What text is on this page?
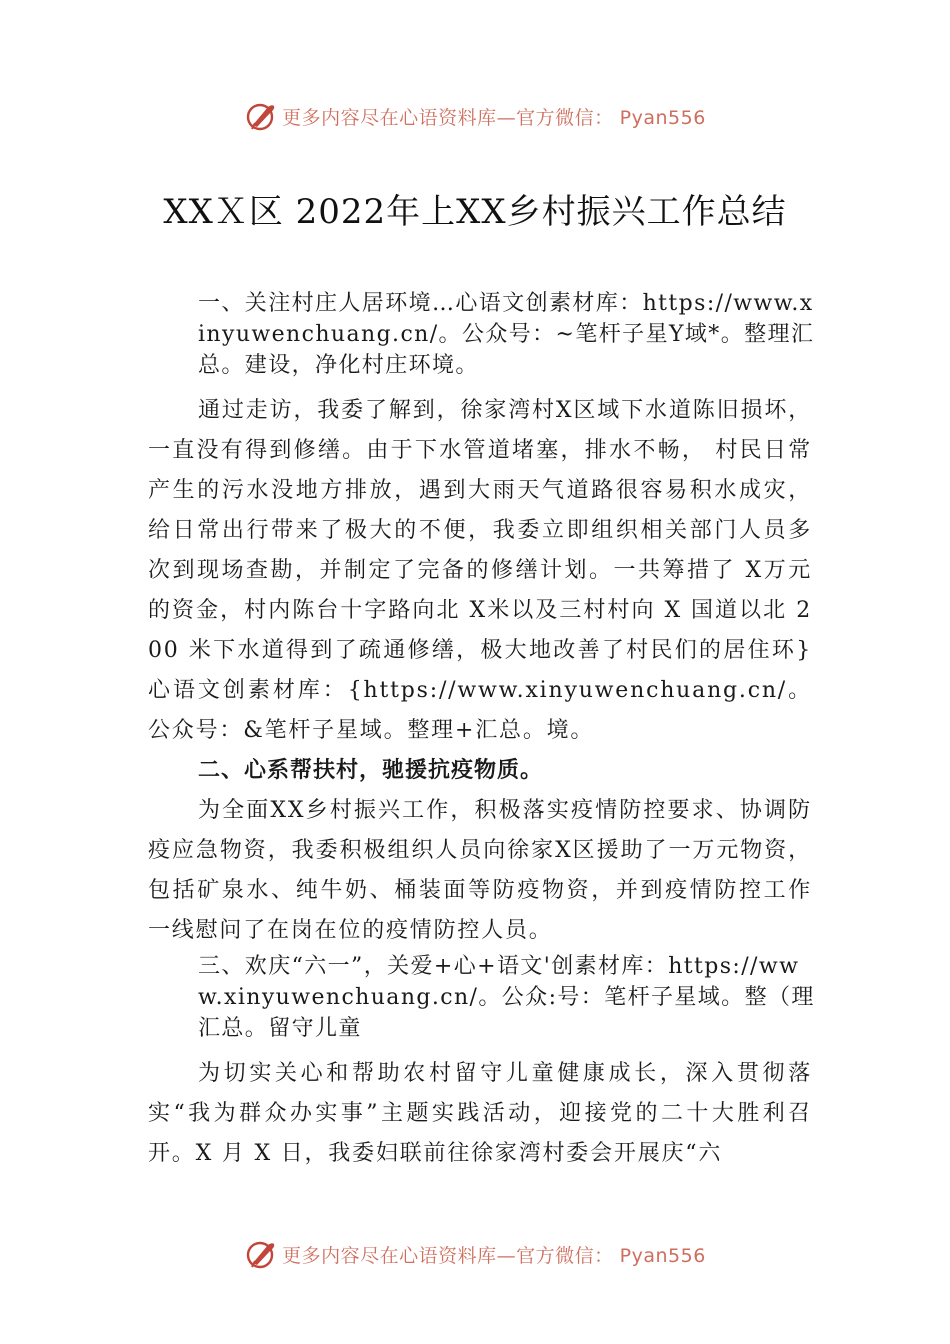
更多内容尽在心语资料库—官方微信： Pyan556
XXＸ区 2022年上XX乡村振兴工作总结

一、关注村庄人居环境…心语文创素材库：https://www.xinyuwenchuang.cn/。公众号：~笔杆子星Y域*。整理汇总。建设，净化村庄环境。

通过走访，我委了解到，徐家湾村X区域下水道陈旧损坏，一直没有得到修缮。由于下水管道堵塞，排水不畅， 村民日常产生的污水没地方排放，遇到大雨天气道路很容易积水成灾，给日常出行带来了极大的不便，我委立即组织相关部门人员多次到现场查勘，并制定了完备的修缮计划。一共筹措了 X万元的资金，村内陈台十字路向北 X米以及三村村向 X 国道以北 200 米下水道得到了疏通修缮，极大地改善了村民们的居住环}心语文创素材库：{https://www.xinyuwenchuang.cn/。公众号：&笔杆子星域。整理+汇总。境。

二、心系帮扶村，驰援抗疫物质。

为全面XX乡村振兴工作，积极落实疫情防控要求、协调防疫应急物资，我委积极组织人员向徐家X区援助了一万元物资，包括矿泉水、纯牛奶、桶装面等防疫物资，并到疫情防控工作一线慰问了在岗在位的疫情防控人员。

三、欢庆“六一”，关爱+心+语文'创素材库：https://www.xinyuwenchuang.cn/。公众:号：笔杆子星域。整（理汇总。留守儿童

为切实关心和帮助农村留守儿童健康成长，深入贯彻落实“我为群众办实事”主题实践活动，迎接党的二十大胜利召开。X 月 X 日，我委妇联前往徐家湾村委会开展庆“六

更多内容尽在心语资料库—官方微信： Pyan556
